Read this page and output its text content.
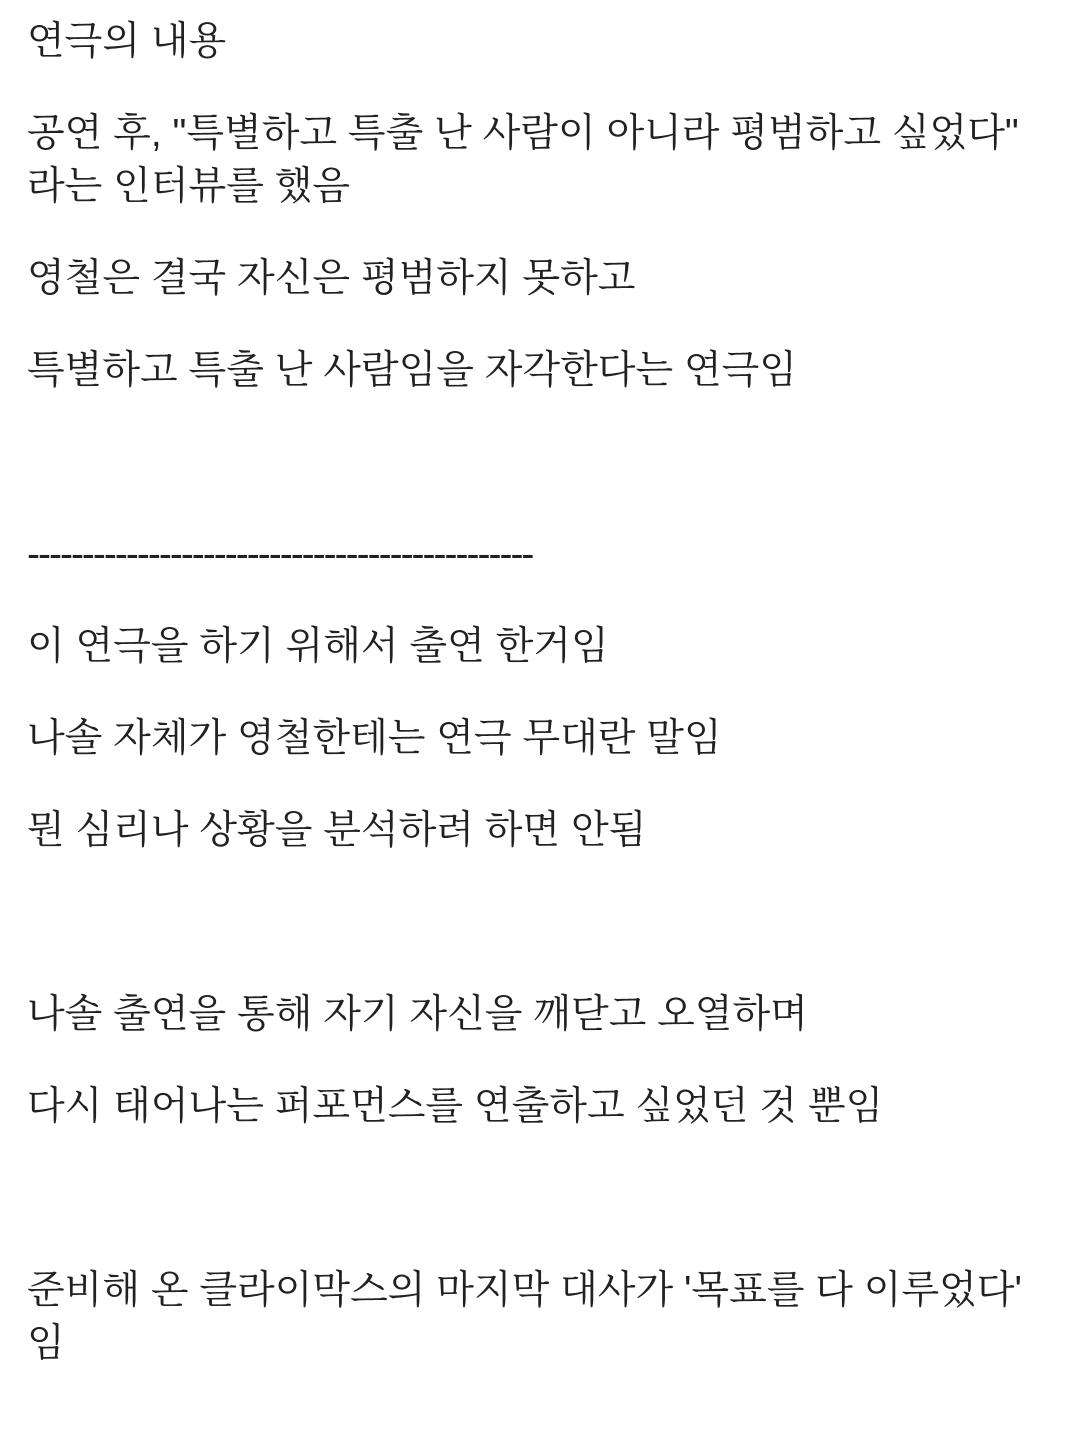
연극의 내용

공연 후, "특별하고 특출 난 사람이 아니라 평범하고 싶었다" 라는 인터뷰를 했음

영철은 결국 자신은 평범하지 못하고

특별하고 특출 난 사람임을 자각한다는 연극임

----------------------------------------------

이 연극을 하기 위해서 출연 한거임

나솔 자체가 영철한테는 연극 무대란 말임

뭔 심리나 상황을 분석하려 하면 안됨

나솔 출연을 통해 자기 자신을 깨닫고 오열하며

다시 태어나는 퍼포먼스를 연출하고 싶었던 것 뿐임

준비해 온 클라이막스의 마지막 대사가 '목표를 다 이루었다' 임
